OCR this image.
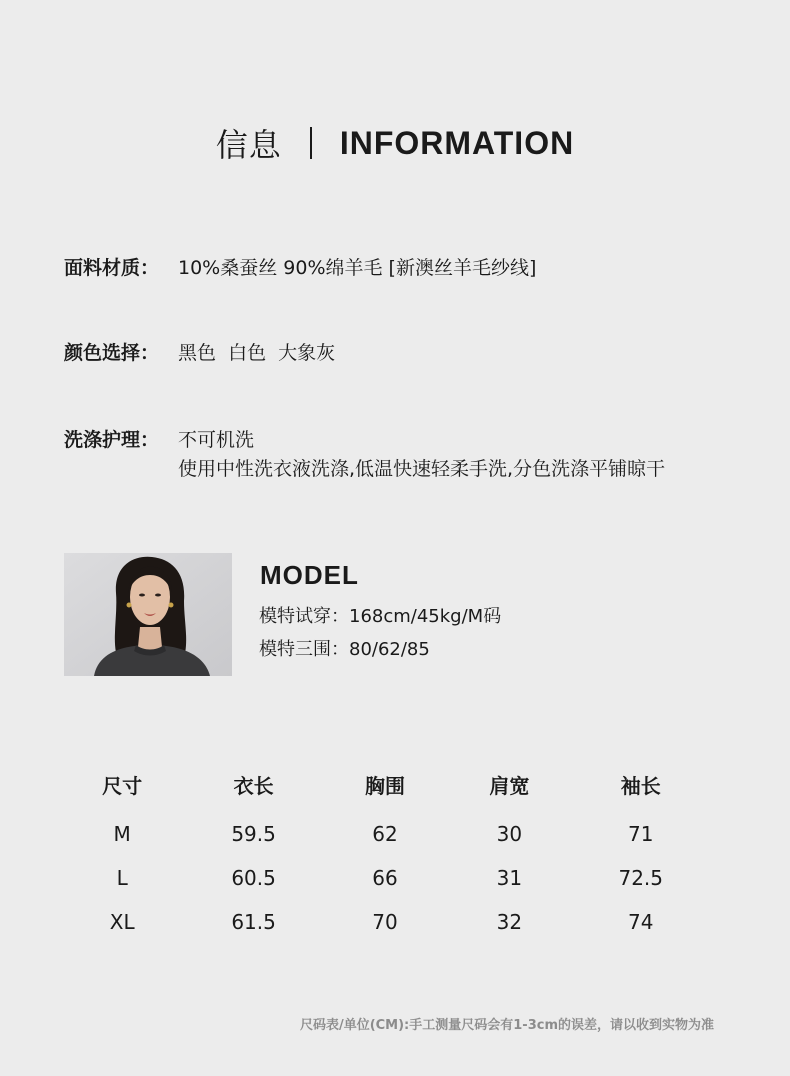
信息 INFORMATION
面料材质： 10%桑蚕丝 90%绵羊毛 [新澳丝羊毛纱线]
颜色选择： 黑色  白色  大象灰
洗涤护理： 不可机洗
使用中性洗衣液洗涤,低温快速轻柔手洗,分色洗涤平铺晾干
MODEL
模特试穿：168cm/45kg/M码
模特三围：80/62/85
尺寸	衣长	胸围	肩宽	袖长

M	59.5	62	30	71
L	60.5	66	31	72.5
XL	61.5	70	32	74
尺码表/单位(CM):手工测量尺码会有1-3cm的误差，请以收到实物为准
